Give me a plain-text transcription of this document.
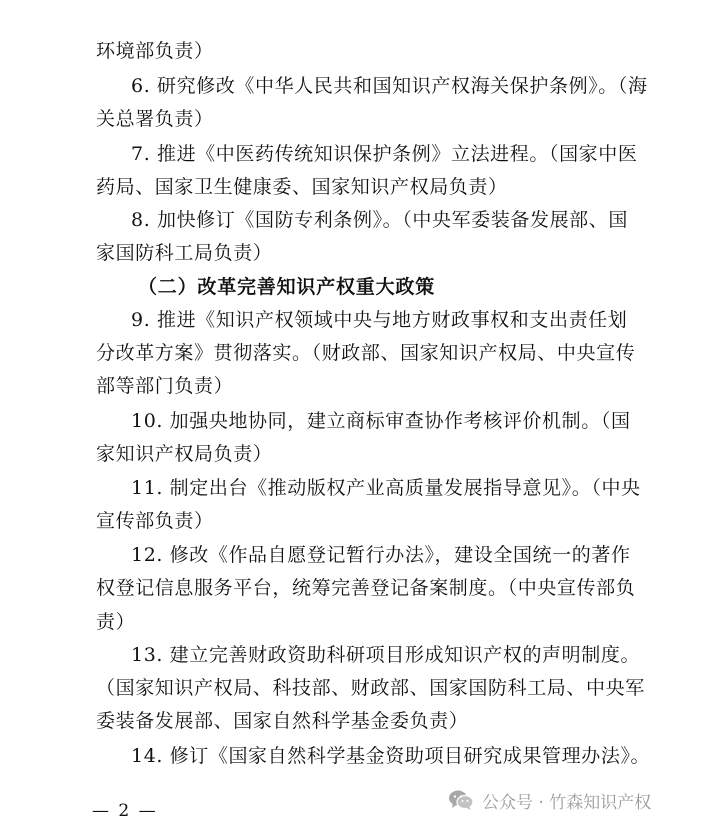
环境部负责）
6. 研究修改《中华人民共和国知识产权海关保护条例》。（海
关总署负责）
7. 推进《中医药传统知识保护条例》立法进程。（国家中医
药局、国家卫生健康委、国家知识产权局负责）
8. 加快修订《国防专利条例》。（中央军委装备发展部、国
家国防科工局负责）
（二）改革完善知识产权重大政策
9. 推进《知识产权领域中央与地方财政事权和支出责任划
分改革方案》贯彻落实。（财政部、国家知识产权局、中央宣传
部等部门负责）
10. 加强央地协同，建立商标审查协作考核评价机制。（国
家知识产权局负责）
11. 制定出台《推动版权产业高质量发展指导意见》。（中央
宣传部负责）
12. 修改《作品自愿登记暂行办法》，建设全国统一的著作
权登记信息服务平台，统筹完善登记备案制度。（中央宣传部负
责）
13. 建立完善财政资助科研项目形成知识产权的声明制度。
（国家知识产权局、科技部、财政部、国家国防科工局、中央军
委装备发展部、国家自然科学基金委负责）
14. 修订《国家自然科学基金资助项目研究成果管理办法》。
— 2 —	公众号 · 竹森知识产权
